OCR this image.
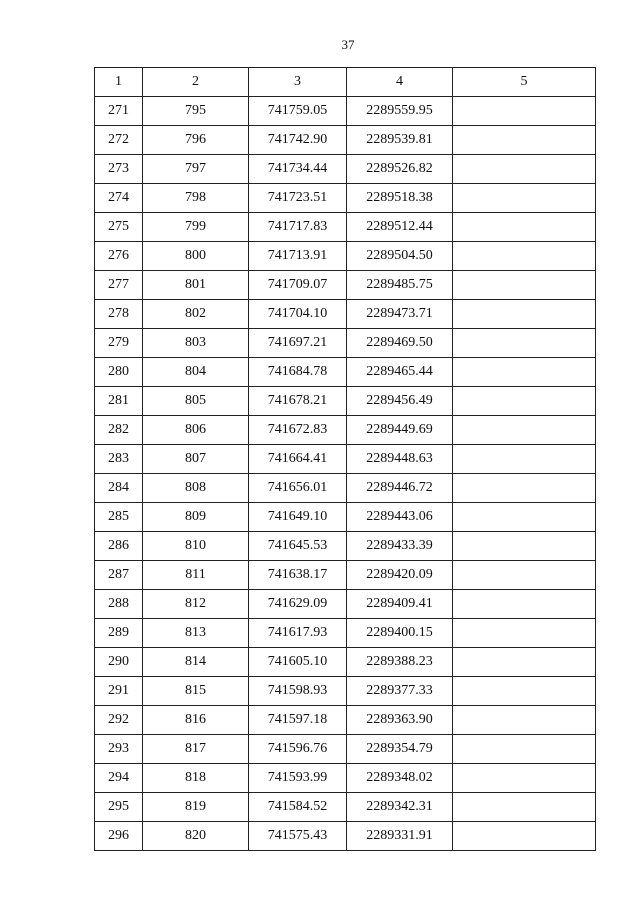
37
1	2	3	4	5
271	795	741759.05	2289559.95	
272	796	741742.90	2289539.81	
273	797	741734.44	2289526.82	
274	798	741723.51	2289518.38	
275	799	741717.83	2289512.44	
276	800	741713.91	2289504.50	
277	801	741709.07	2289485.75	
278	802	741704.10	2289473.71	
279	803	741697.21	2289469.50	
280	804	741684.78	2289465.44	
281	805	741678.21	2289456.49	
282	806	741672.83	2289449.69	
283	807	741664.41	2289448.63	
284	808	741656.01	2289446.72	
285	809	741649.10	2289443.06	
286	810	741645.53	2289433.39	
287	811	741638.17	2289420.09	
288	812	741629.09	2289409.41	
289	813	741617.93	2289400.15	
290	814	741605.10	2289388.23	
291	815	741598.93	2289377.33	
292	816	741597.18	2289363.90	
293	817	741596.76	2289354.79	
294	818	741593.99	2289348.02	
295	819	741584.52	2289342.31	
296	820	741575.43	2289331.91	
